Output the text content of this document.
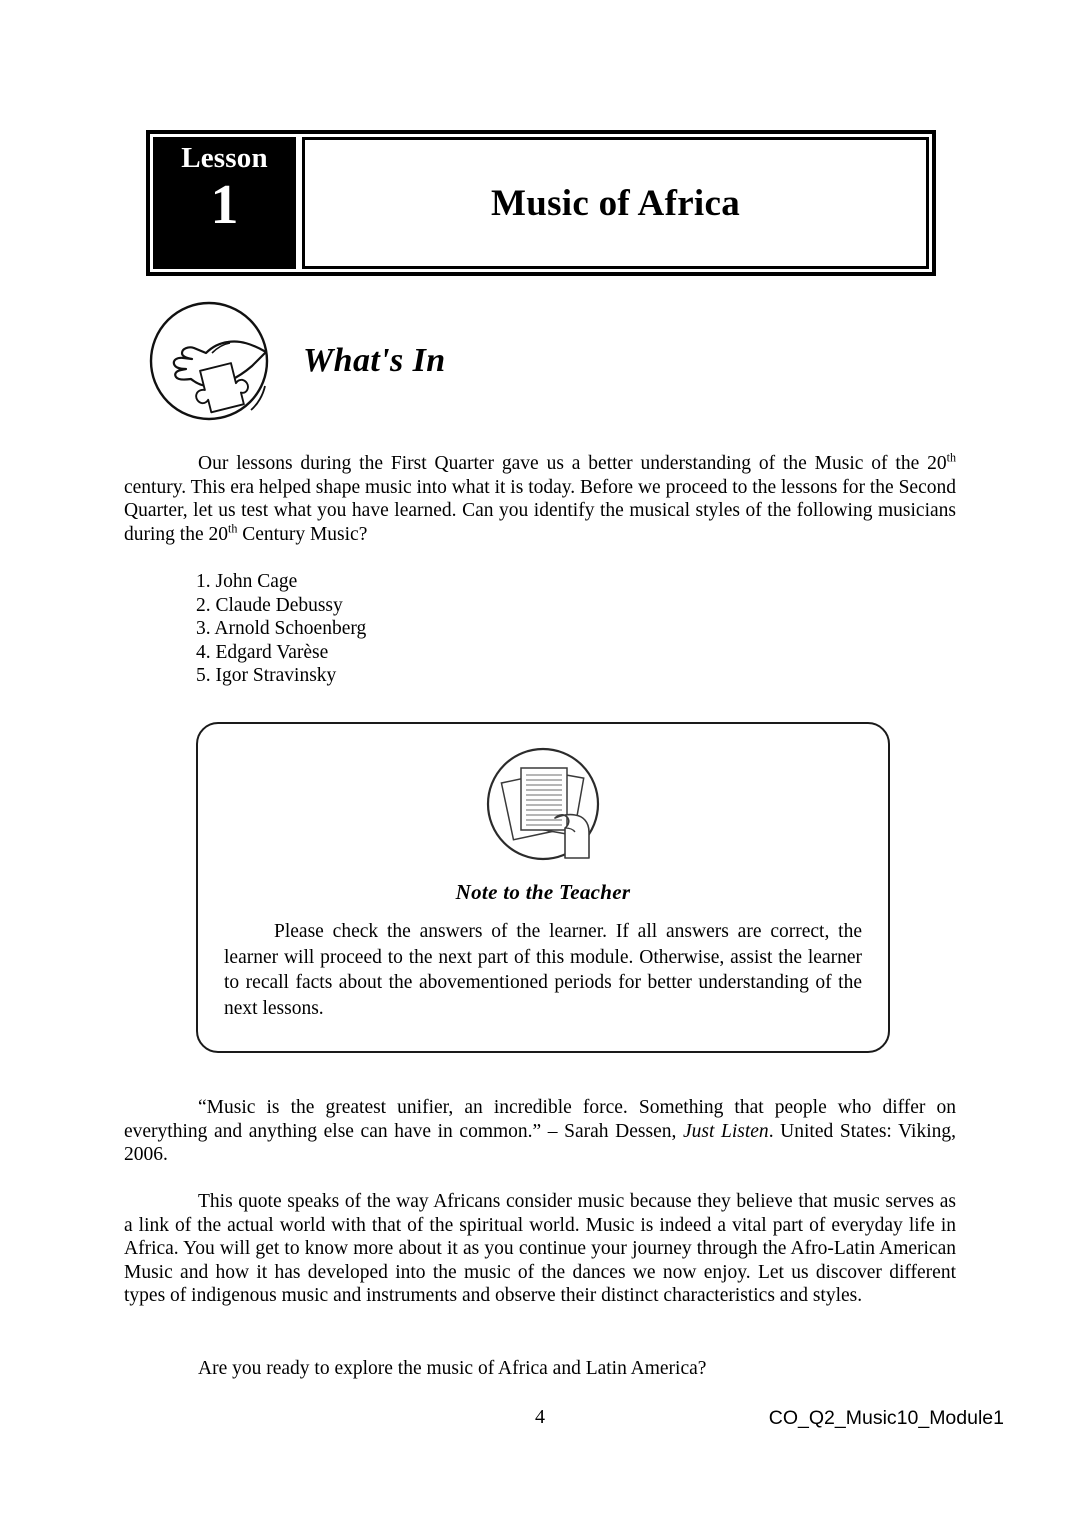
Lesson
1	Music of Africa
What's In
Our lessons during the First Quarter gave us a better understanding of the Music of the 20th century. This era helped shape music into what it is today. Before we proceed to the lessons for the Second Quarter, let us test what you have learned. Can you identify the musical styles of the following musicians during the 20th Century Music?
1. John Cage
2. Claude Debussy
3. Arnold Schoenberg
4. Edgard Varèse
5. Igor Stravinsky
Note to the Teacher
Please check the answers of the learner. If all answers are correct, the learner will proceed to the next part of this module. Otherwise, assist the learner to recall facts about the abovementioned periods for better understanding of the next lessons.
“Music is the greatest unifier, an incredible force. Something that people who differ on everything and anything else can have in common.” – Sarah Dessen, Just Listen. United States: Viking, 2006.
This quote speaks of the way Africans consider music because they believe that music serves as a link of the actual world with that of the spiritual world. Music is indeed a vital part of everyday life in Africa. You will get to know more about it as you continue your journey through the Afro-Latin American Music and how it has developed into the music of the dances we now enjoy. Let us discover different types of indigenous music and instruments and observe their distinct characteristics and styles.
Are you ready to explore the music of Africa and Latin America?
4	CO_Q2_Music10_Module1
